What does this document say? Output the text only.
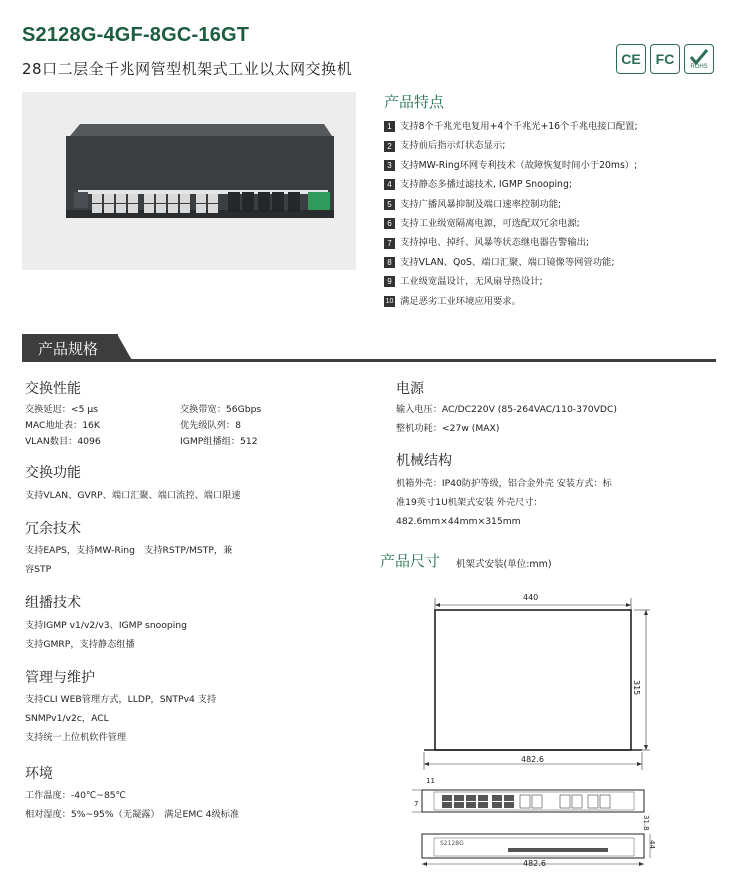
S2128G-4GF-8GC-16GT
28口二层全千兆网管型机架式工业以太网交换机
CE	FC	ROHS
产品特点
1 支持8个千兆光电复用+4个千兆光+16个千兆电接口配置;
2 支持前后指示灯状态显示;
3 支持MW-Ring环网专利技术（故障恢复时间小于20ms）;
4 支持静态多播过滤技术, IGMP Snooping;
5 支持广播风暴抑制及端口速率控制功能;
6 支持工业级宽隔离电源，可选配双冗余电源;
7 支持掉电、掉纤、风暴等状态继电器告警输出;
8 支持VLAN、QoS、端口汇聚、端口镜像等网管功能;
9 工业级宽温设计，无风扇导热设计;
10 满足恶劣工业环境应用要求。
产品规格
交换性能
交换延迟：<5 μs
MAC地址表：16K
VLAN数目：4096
交换带宽：56Gbps
优先级队列：8
IGMP组播组：512
交换功能
支持VLAN、GVRP、端口汇聚、端口流控、端口限速
冗余技术
支持EAPS，支持MW-Ring　支持RSTP/MSTP，兼
容STP
组播技术
支持IGMP v1/v2/v3、IGMP snooping
支持GMRP，支持静态组播
管理与维护
支持CLI WEB管理方式，LLDP，SNTPv4 支持
SNMPv1/v2c，ACL
支持统一上位机软件管理
环境
工作温度：-40℃~85℃
相对湿度：5%~95%（无凝露）　满足EMC 4级标准
电源
输入电压：AC/DC220V (85-264VAC/110-370VDC)
整机功耗：<27w (MAX)
机械结构
机箱外壳：IP40防护等级，铝合金外壳 安装方式：标
准19英寸1U机架式安装 外壳尺寸：
482.6mm×44mm×315mm
产品尺寸 机架式安装(单位:mm)
440
315
482.6
11
7
31.8
44
S2128G
482.6
